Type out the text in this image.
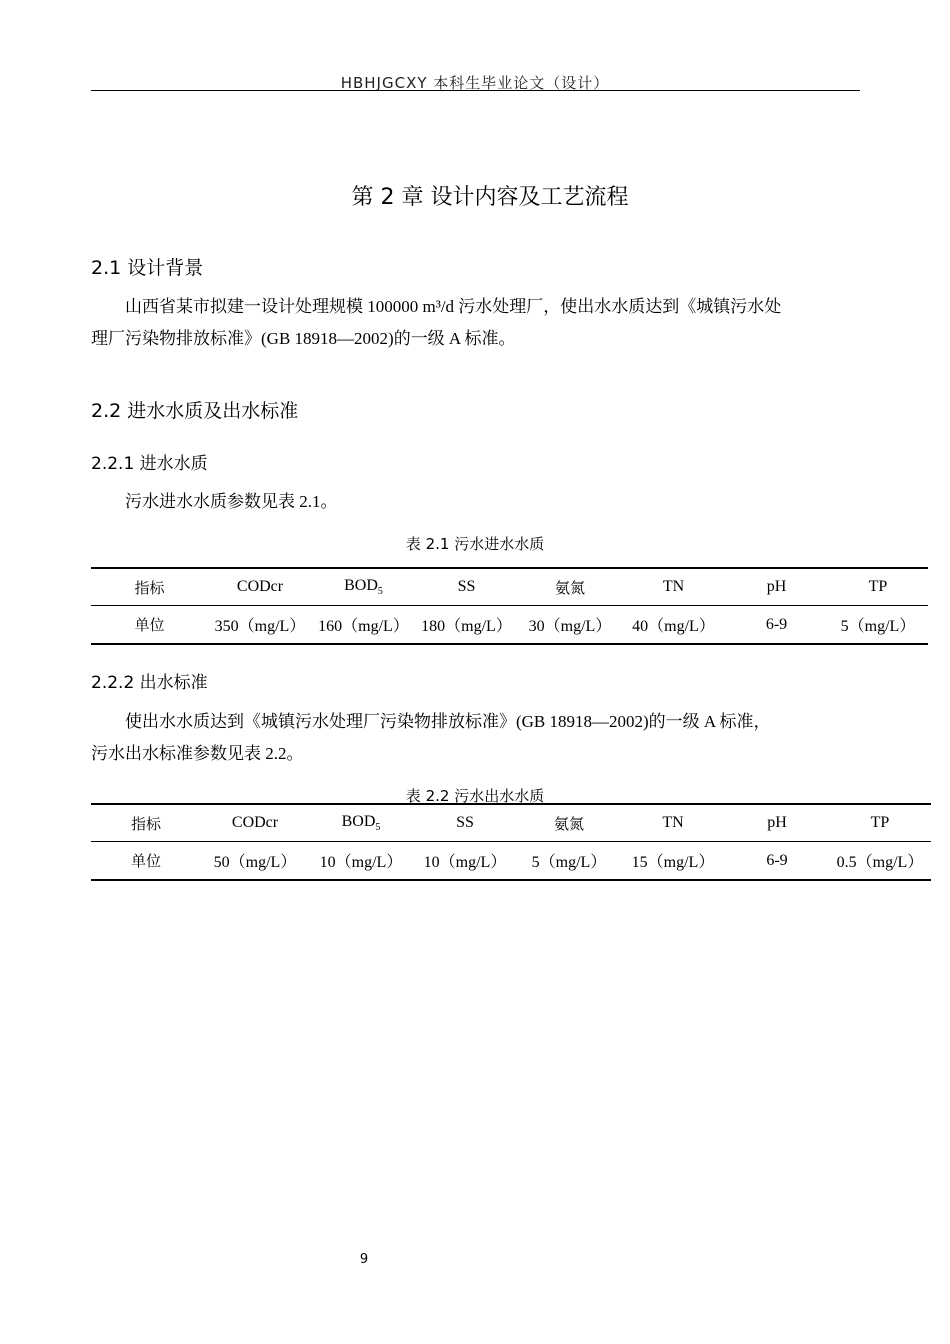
HBHJGCXY 本科生毕业论文（设计）
第 2 章 设计内容及工艺流程
2.1 设计背景
山西省某市拟建一设计处理规模 100000 m³/d 污水处理厂，使出水水质达到《城镇污水处
理厂污染物排放标准》(GB 18918—2002)的一级 A 标准。
2.2 进水水质及出水标准
2.2.1 进水水质
污水进水水质参数见表 2.1。
表 2.1 污水进水水质
指标	CODcr	$BOD_5$	SS	氨氮	TN	pH	TP
单位	350（mg/L）	160（mg/L）	180（mg/L）	30（mg/L）	40（mg/L）	6-9	5（mg/L）
2.2.2 出水标准
使出水水质达到《城镇污水处理厂污染物排放标准》(GB 18918—2002)的一级 A 标准，
污水出水标准参数见表 2.2。
表 2.2 污水出水水质
指标	CODcr	$BOD_5$	SS	氨氮	TN	pH	TP
单位	50（mg/L）	10（mg/L）	10（mg/L）	5（mg/L）	15（mg/L）	6-9	0.5（mg/L）
9
